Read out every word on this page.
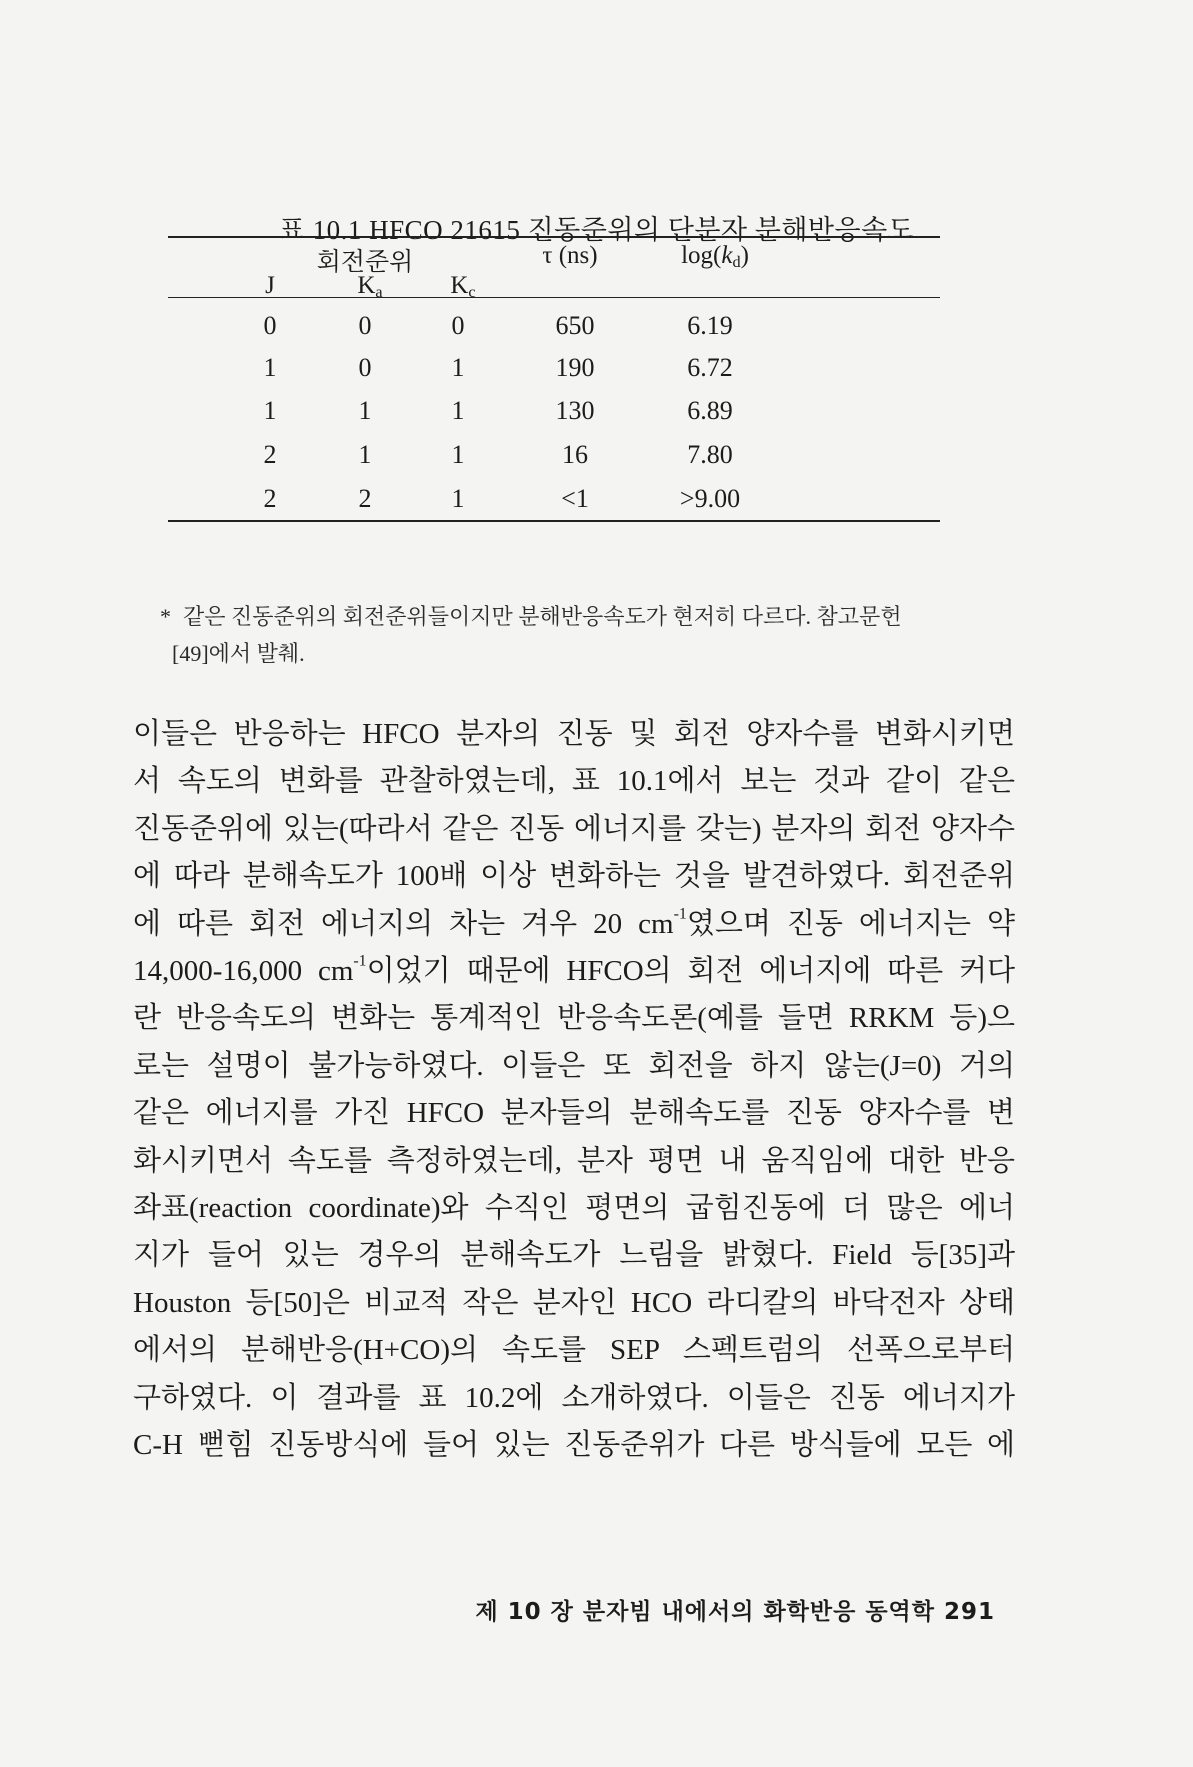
표 10.1 HFCO 21615 진동준위의 단분자 분해반응속도
회전준위	τ (ns)	$\log(k_d)$
J	$K_a$	$K_c$
0	0	0	650	6.19
1	0	1	190	6.72
1	1	1	130	6.89
2	1	1	16	7.80
2	2	1	<1	>9.00
* 같은 진동준위의 회전준위들이지만 분해반응속도가 현저히 다르다. 참고문헌
[49]에서 발췌.
이들은 반응하는 HFCO 분자의 진동 및 회전 양자수를 변화시키면
서 속도의 변화를 관찰하였는데, 표 10.1에서 보는 것과 같이 같은
진동준위에 있는(따라서 같은 진동 에너지를 갖는) 분자의 회전 양자수
에 따라 분해속도가 100배 이상 변화하는 것을 발견하였다. 회전준위
에 따른 회전 에너지의 차는 겨우 20 $cm^{-1}$였으며 진동 에너지는 약
14,000-16,000 $cm^{-1}$이었기 때문에 HFCO의 회전 에너지에 따른 커다
란 반응속도의 변화는 통계적인 반응속도론(예를 들면 RRKM 등)으
로는 설명이 불가능하였다. 이들은 또 회전을 하지 않는(J=0) 거의
같은 에너지를 가진 HFCO 분자들의 분해속도를 진동 양자수를 변
화시키면서 속도를 측정하였는데, 분자 평면 내 움직임에 대한 반응
좌표(reaction coordinate)와 수직인 평면의 굽힘진동에 더 많은 에너
지가 들어 있는 경우의 분해속도가 느림을 밝혔다. Field 등[35]과
Houston 등[50]은 비교적 작은 분자인 HCO 라디칼의 바닥전자 상태
에서의 분해반응(H+CO)의 속도를 SEP 스펙트럼의 선폭으로부터
구하였다. 이 결과를 표 10.2에 소개하였다. 이들은 진동 에너지가
C-H 뻗힘 진동방식에 들어 있는 진동준위가 다른 방식들에 모든 에
제 10 장 분자빔 내에서의 화학반응 동역학 291
